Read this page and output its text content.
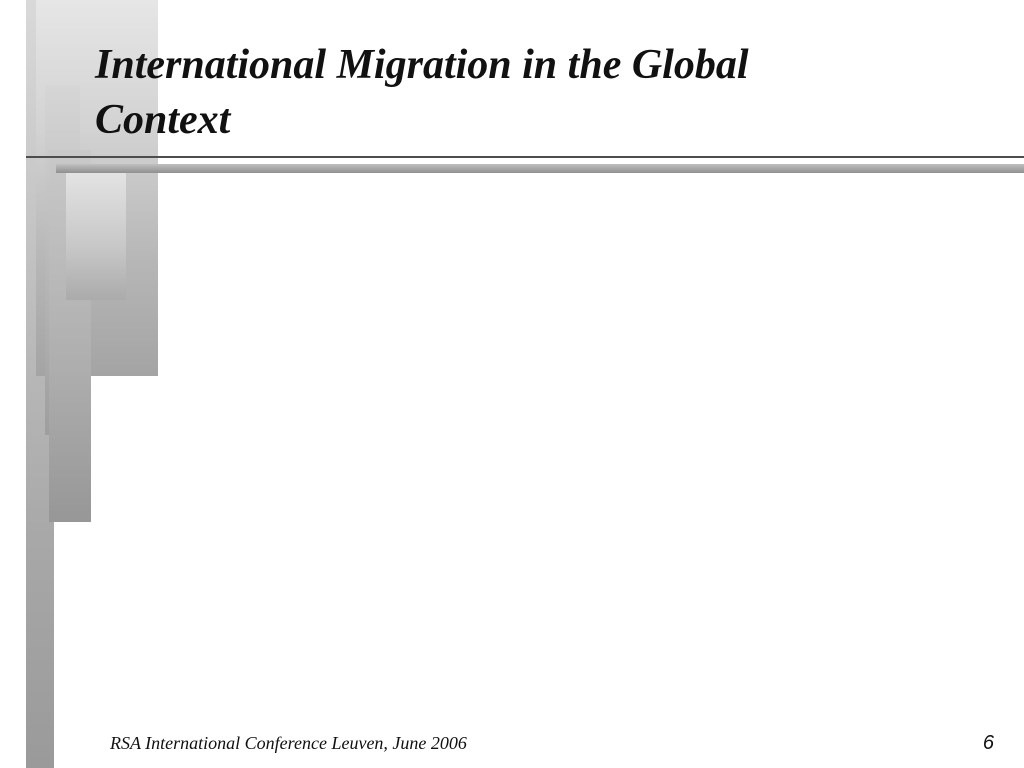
International Migration in the Global Context
RSA International Conference Leuven, June 2006	6
